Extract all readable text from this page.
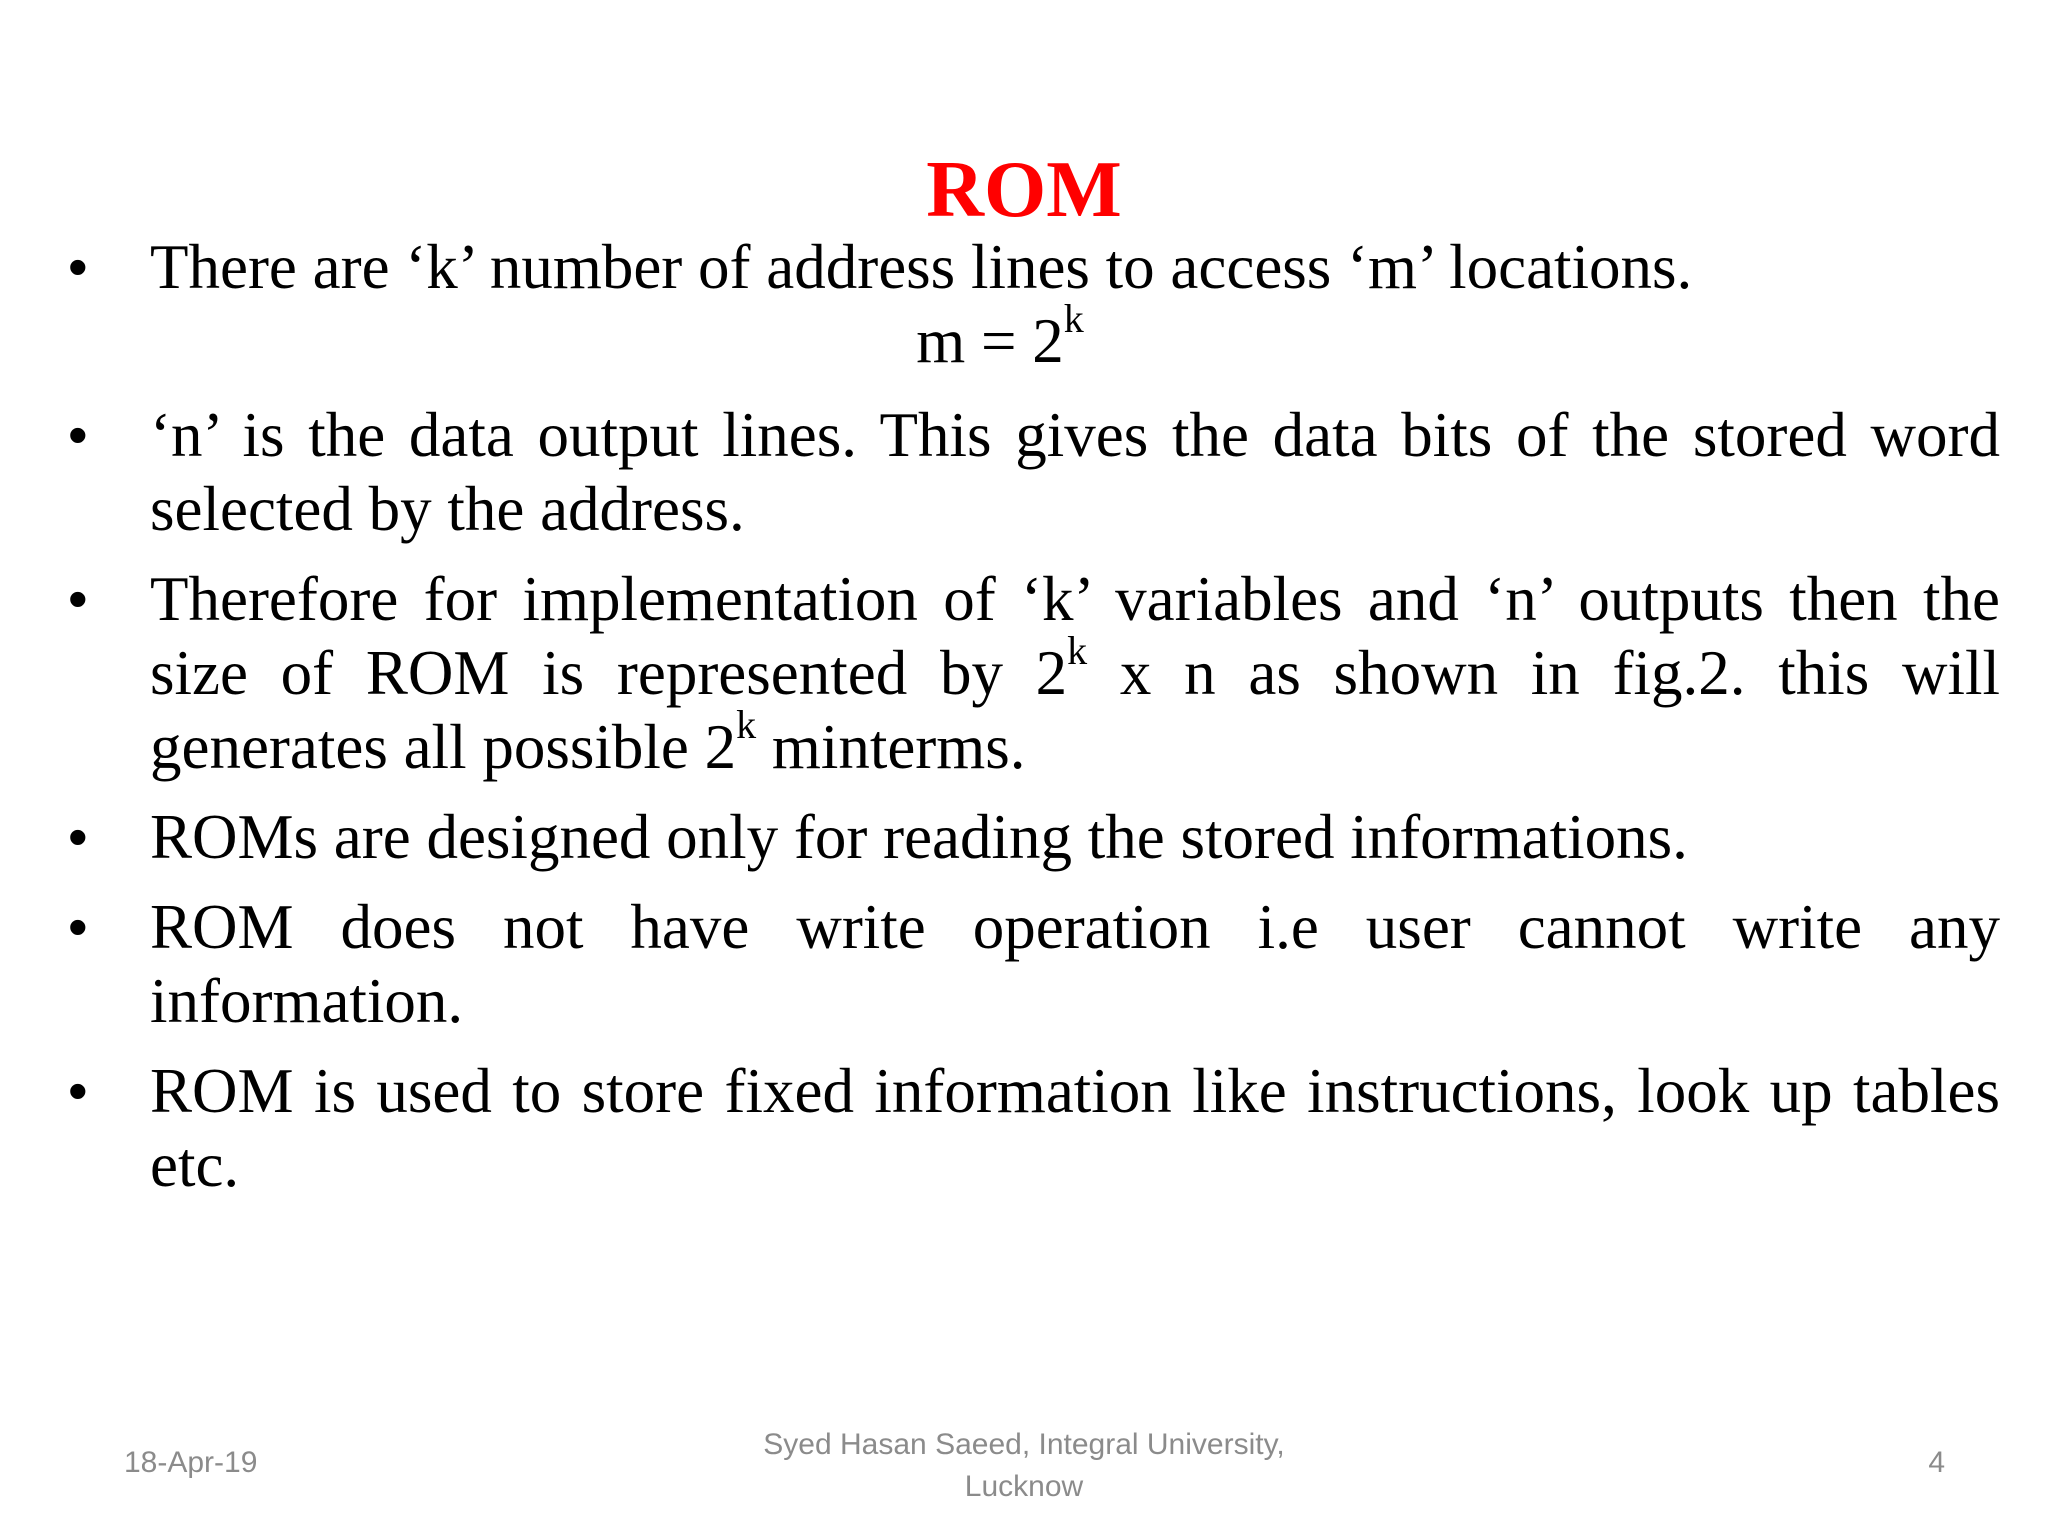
ROM
• There are ‘k’ number of address lines to access ‘m’ locations.
$m = 2^k$
• ‘n’ is the data output lines. This gives the data bits of the stored word selected by the address.
• Therefore for implementation of ‘k’ variables and ‘n’ outputs then the size of ROM is represented by 2$^k$ x n as shown in fig.2. this will generates all possible 2$^k$ minterms.
• ROMs are designed only for reading the stored informations.
• ROM does not have write operation i.e user cannot write any information.
• ROM is used to store fixed information like instructions, look up tables etc.
18-Apr-19
Syed Hasan Saeed, Integral University,
Lucknow
4
